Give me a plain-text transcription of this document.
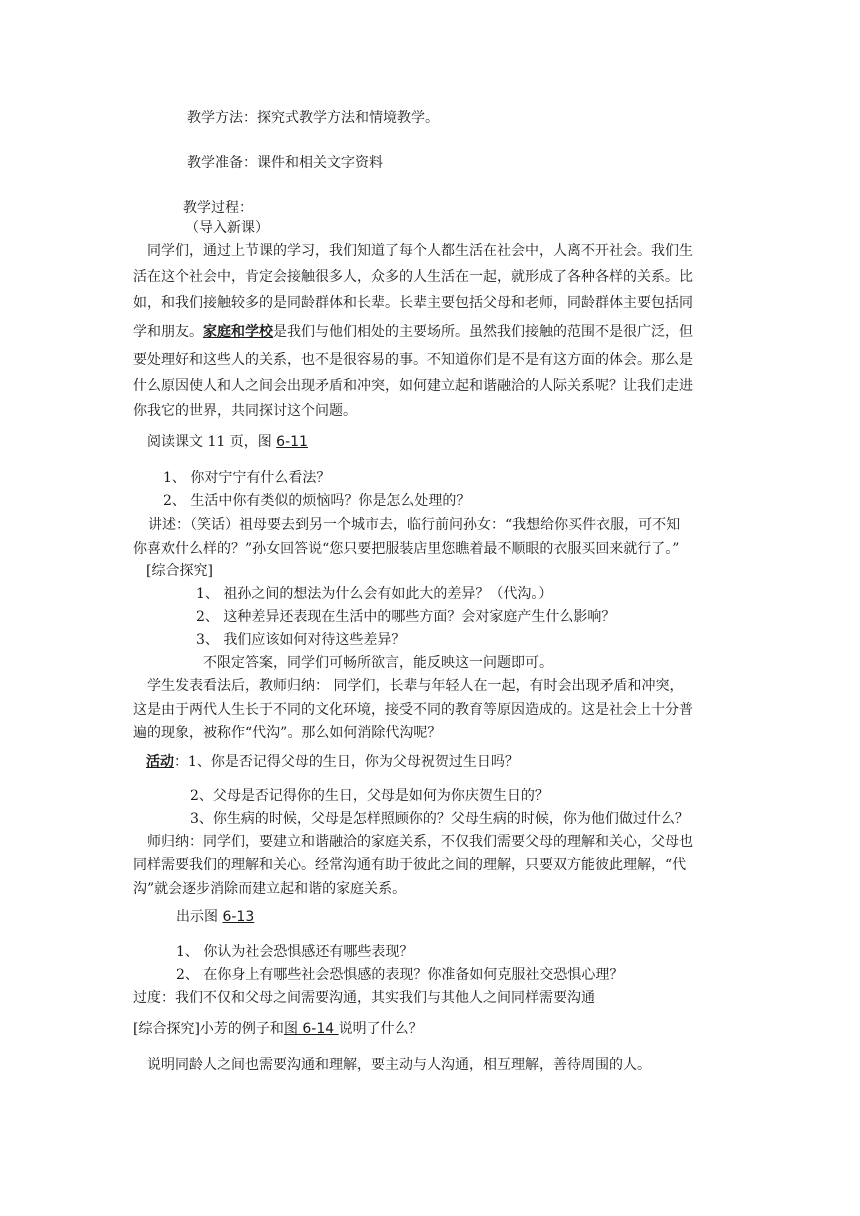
教学方法：探究式教学方法和情境教学。
教学准备：课件和相关文字资料
教学过程：
（导入新课）
同学们，通过上节课的学习，我们知道了每个人都生活在社会中，人离不开社会。我们生
活在这个社会中，肯定会接触很多人，众多的人生活在一起，就形成了各种各样的关系。比
如，和我们接触较多的是同龄群体和长辈。长辈主要包括父母和老师，同龄群体主要包括同
学和朋友。家庭和学校是我们与他们相处的主要场所。虽然我们接触的范围不是很广泛，但
要处理好和这些人的关系，也不是很容易的事。不知道你们是不是有这方面的体会。那么是
什么原因使人和人之间会出现矛盾和冲突，如何建立起和谐融洽的人际关系呢？让我们走进
你我它的世界，共同探讨这个问题。
阅读课文 11 页，图 6-11
1、 你对宁宁有什么看法？
2、 生活中你有类似的烦恼吗？你是怎么处理的？
讲述：（笑话）祖母要去到另一个城市去，临行前问孙女：“我想给你买件衣服，可不知
你喜欢什么样的？”孙女回答说“您只要把服装店里您瞧着最不顺眼的衣服买回来就行了。”
[综合探究]
1、 祖孙之间的想法为什么会有如此大的差异？（代沟。）
2、 这种差异还表现在生活中的哪些方面？会对家庭产生什么影响？
3、 我们应该如何对待这些差异？
不限定答案，同学们可畅所欲言，能反映这一问题即可。
学生发表看法后，教师归纳： 同学们，长辈与年轻人在一起，有时会出现矛盾和冲突，
这是由于两代人生长于不同的文化环境，接受不同的教育等原因造成的。这是社会上十分普
遍的现象，被称作“代沟”。那么如何消除代沟呢？
活动：1、你是否记得父母的生日，你为父母祝贺过生日吗？
2、父母是否记得你的生日，父母是如何为你庆贺生日的？
3、你生病的时候，父母是怎样照顾你的？父母生病的时候，你为他们做过什么？
师归纳：同学们，要建立和谐融洽的家庭关系，不仅我们需要父母的理解和关心，父母也
同样需要我们的理解和关心。经常沟通有助于彼此之间的理解，只要双方能彼此理解，“代
沟”就会逐步消除而建立起和谐的家庭关系。
出示图 6-13
1、 你认为社会恐惧感还有哪些表现？
2、 在你身上有哪些社会恐惧感的表现？你准备如何克服社交恐惧心理？
过度：我们不仅和父母之间需要沟通，其实我们与其他人之间同样需要沟通
[综合探究]小芳的例子和图 6-14 说明了什么？
说明同龄人之间也需要沟通和理解，要主动与人沟通，相互理解，善待周围的人。
